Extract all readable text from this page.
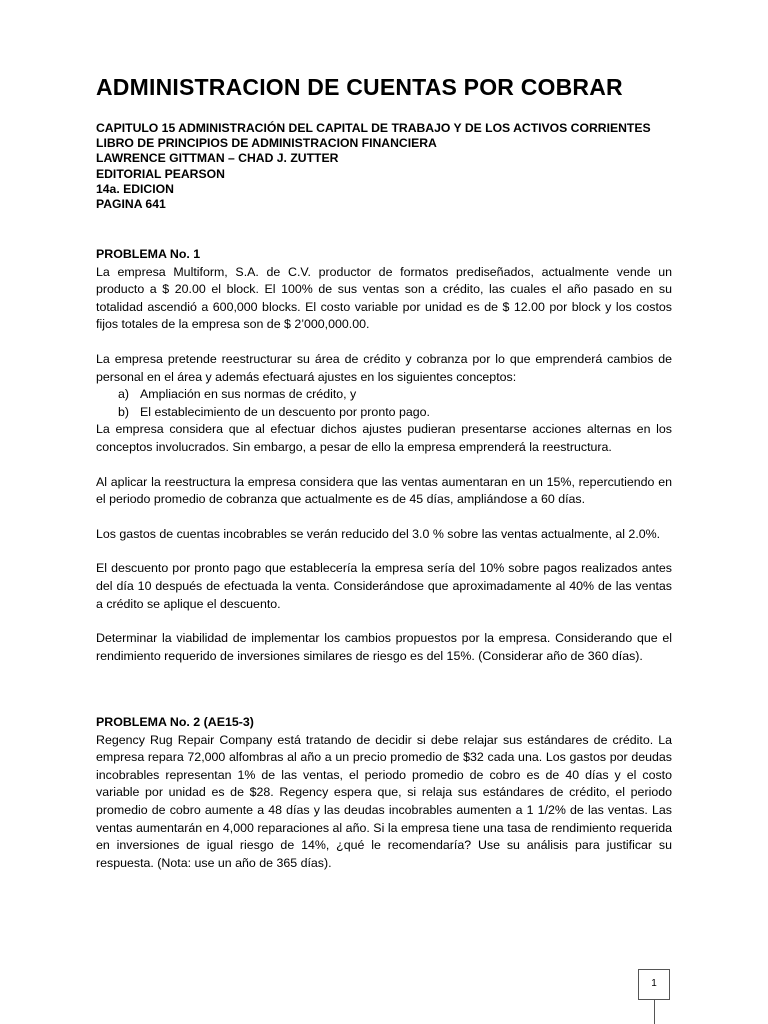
ADMINISTRACION DE CUENTAS POR COBRAR
CAPITULO 15 ADMINISTRACIÓN DEL CAPITAL DE TRABAJO Y DE LOS ACTIVOS CORRIENTES
LIBRO DE PRINCIPIOS DE ADMINISTRACION FINANCIERA
LAWRENCE GITTMAN – CHAD J. ZUTTER
EDITORIAL PEARSON
14a. EDICION
PAGINA 641
PROBLEMA No. 1

La empresa Multiform, S.A. de C.V. productor de formatos prediseñados, actualmente vende un producto a $ 20.00 el block. El 100% de sus ventas son a crédito, las cuales el año pasado en su totalidad ascendió a 600,000 blocks. El costo variable por unidad es de $ 12.00 por block y los costos fijos totales de la empresa son de $ 2’000,000.00.

La empresa pretende reestructurar su área de crédito y cobranza por lo que emprenderá cambios de personal en el área y además efectuará ajustes en los siguientes conceptos:

a) Ampliación en sus normas de crédito, y
b) El establecimiento de un descuento por pronto pago.

La empresa considera que al efectuar dichos ajustes pudieran presentarse acciones alternas en los conceptos involucrados. Sin embargo, a pesar de ello la empresa emprenderá la reestructura.

Al aplicar la reestructura la empresa considera que las ventas aumentaran en un 15%, repercutiendo en el periodo promedio de cobranza que actualmente es de 45 días, ampliándose a 60 días.

Los gastos de cuentas incobrables se verán reducido del 3.0 % sobre las ventas actualmente, al 2.0%.

El descuento por pronto pago que establecería la empresa sería del 10% sobre pagos realizados antes del día 10 después de efectuada la venta. Considerándose que aproximadamente al 40% de las ventas a crédito se aplique el descuento.

Determinar la viabilidad de implementar los cambios propuestos por la empresa. Considerando que el rendimiento requerido de inversiones similares de riesgo es del 15%. (Considerar año de 360 días).

PROBLEMA No. 2 (AE15-3)

Regency Rug Repair Company está tratando de decidir si debe relajar sus estándares de crédito. La empresa repara 72,000 alfombras al año a un precio promedio de $32 cada una. Los gastos por deudas incobrables representan 1% de las ventas, el periodo promedio de cobro es de 40 días y el costo variable por unidad es de $28. Regency espera que, si relaja sus estándares de crédito, el periodo promedio de cobro aumente a 48 días y las deudas incobrables aumenten a 1 1/2% de las ventas. Las ventas aumentarán en 4,000 reparaciones al año. Si la empresa tiene una tasa de rendimiento requerida en inversiones de igual riesgo de 14%, ¿qué le recomendaría? Use su análisis para justificar su respuesta. (Nota: use un año de 365 días).

1
